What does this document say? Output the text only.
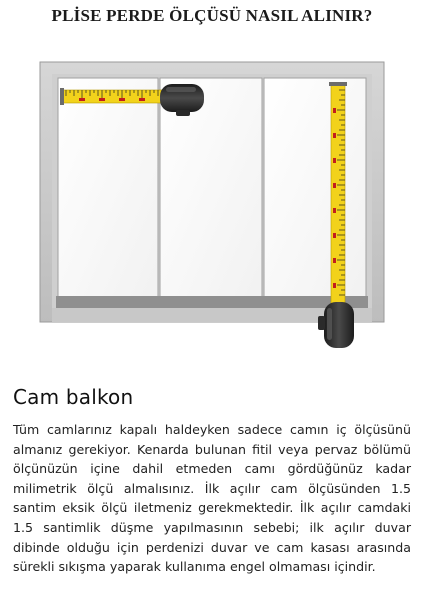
PLİSE PERDE ÖLÇÜSÜ NASIL ALINIR?
Cam balkon

Tüm camlarınız kapalı haldeyken sadece camın iç ölçüsünü almanız gerekiyor. Kenarda bulunan fitil veya pervaz bölümü ölçünüzün içine dahil etmeden camı gördüğünüz kadar milimetrik ölçü almalısınız. İlk açılır cam ölçüsünden 1.5 santim eksik ölçü iletmeniz gerekmektedir. İlk açılır camdaki 1.5 santimlik düşme yapılmasının sebebi; ilk açılır duvar dibinde olduğu için perdenizi duvar ve cam kasası arasında sürekli sıkışma yaparak kullanıma engel olmaması içindir.
